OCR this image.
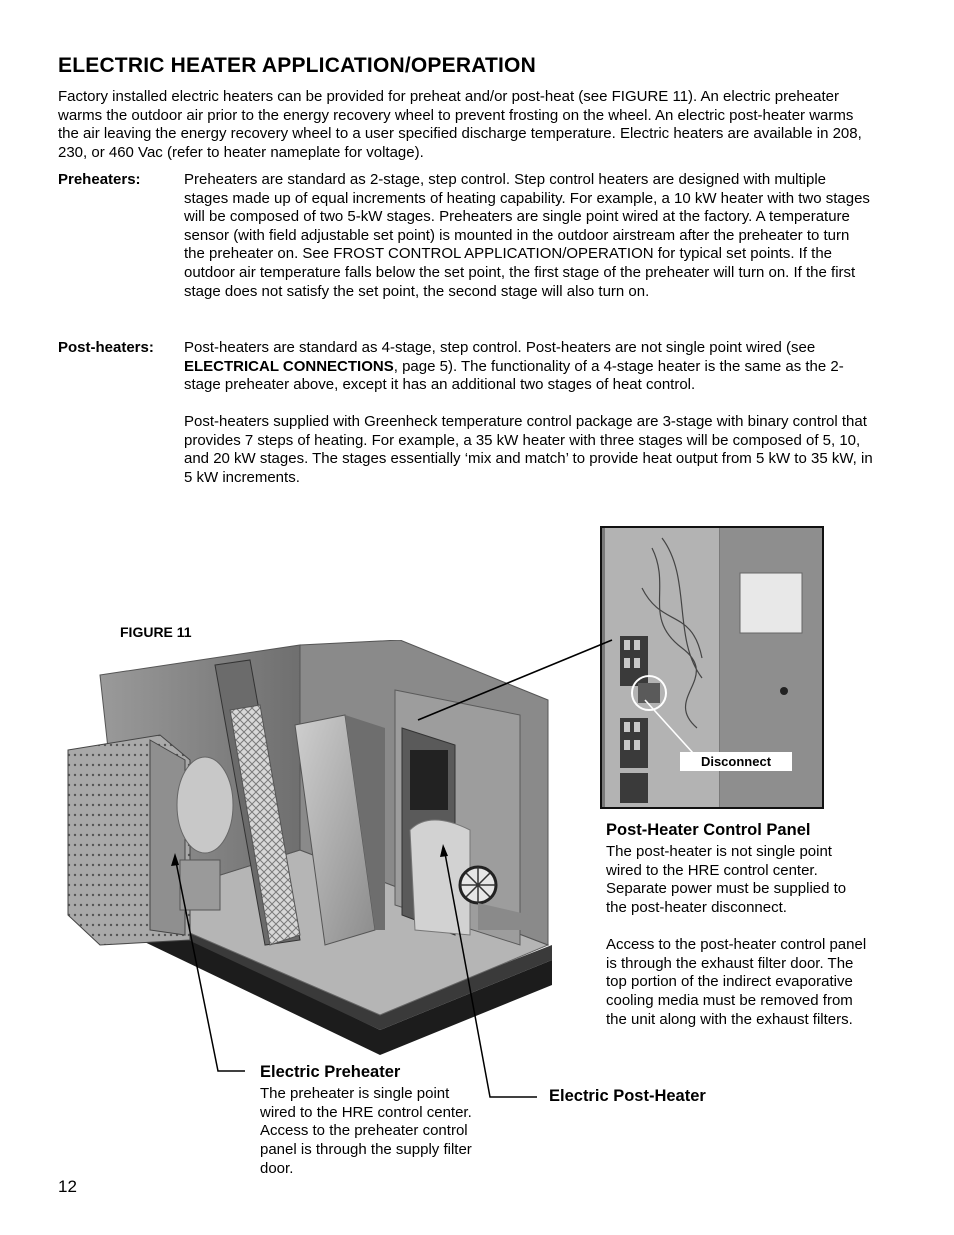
ELECTRIC HEATER APPLICATION/OPERATION

Factory installed electric heaters can be provided for preheat and/or post-heat (see FIGURE 11). An electric preheater warms the outdoor air prior to the energy recovery wheel to prevent frosting on the wheel. An electric post-heater warms the air leaving the energy recovery wheel to a user specified discharge temperature. Electric heaters are available in 208, 230, or 460 Vac (refer to heater nameplate for voltage).

Preheaters:	Preheaters are standard as 2-stage, step control. Step control heaters are designed with multiple stages made up of equal increments of heating capability. For example, a 10 kW heater with two stages will be composed of two 5-kW stages. Preheaters are single point wired at the factory. A temperature sensor (with field adjustable set point) is mounted in the outdoor airstream after the preheater to turn the preheater on. See FROST CONTROL APPLICATION/OPERATION for typical set points. If the outdoor air temperature falls below the set point, the first stage of the preheater will turn on. If the first stage does not satisfy the set point, the second stage will also turn on.

Post-heaters: Post-heaters are standard as 4-stage, step control. Post-heaters are not single point wired (see ELECTRICAL CONNECTIONS, page 5). The functionality of a 4-stage heater is the same as the 2-stage preheater above, except it has an additional two stages of heat control.

Post-heaters supplied with Greenheck temperature control package are 3-stage with binary control that provides 7 steps of heating. For example, a 35 kW heater with three stages will be composed of 5, 10, and 20 kW stages. The stages essentially ‘mix and match’ to provide heat output from 5 kW to 35 kW, in 5 kW increments.

FIGURE 11
Disconnect
Post-Heater Control Panel

The post-heater is not single point wired to the HRE control center. Separate power must be supplied to the post-heater disconnect.

Access to the post-heater control panel is through the exhaust filter door. The top portion of the indirect evaporative cooling media must be removed from the unit along with the exhaust filters.

Electric Preheater

The preheater is single point wired to the HRE control center. Access to the preheater control panel is through the supply filter door.

Electric Post-Heater
12
